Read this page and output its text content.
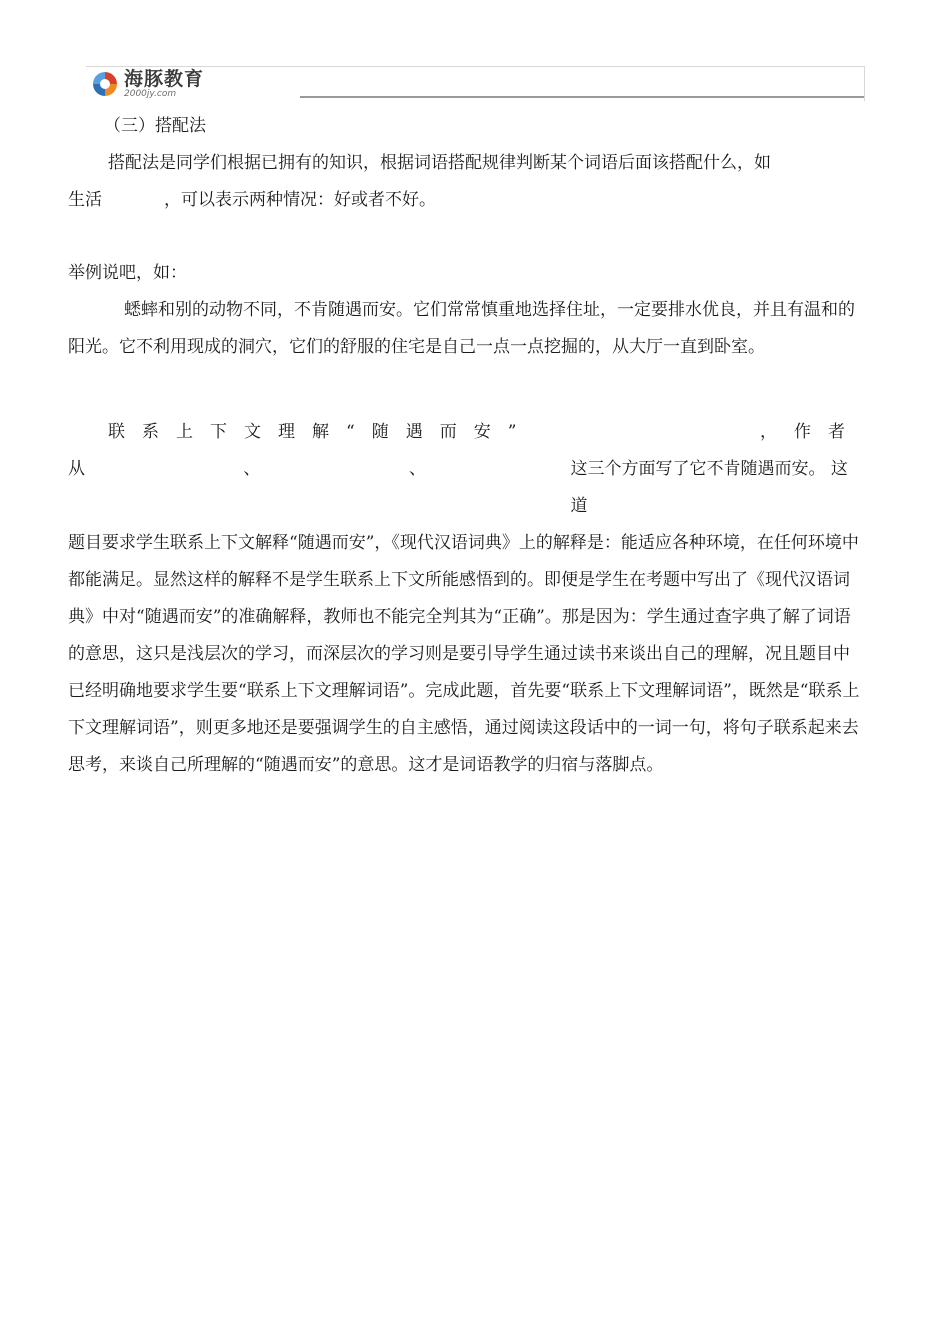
海豚教育
2000jy.com

（三）搭配法

搭配法是同学们根据已拥有的知识，根据词语搭配规律判断某个词语后面该搭配什么，如

生活	，可以表示两种情况：好或者不好。

举例说吧，如：

蟋蟀和别的动物不同，不肯随遇而安。它们常常慎重地选择住址，一定要排水优良，并且有温和的阳光。它不利用现成的洞穴，它们的舒服的住宅是自己一点一点挖掘的，从大厅一直到卧室。

联系上下文理解“随遇而安”	，作者
从	、	、	这三个方面写了它不肯随遇而安。 这道

题目要求学生联系上下文解释“随遇而安”，《现代汉语词典》上的解释是：能适应各种环境，在任何环境中都能满足。显然这样的解释不是学生联系上下文所能感悟到的。即便是学生在考题中写出了《现代汉语词典》中对“随遇而安”的准确解释，教师也不能完全判其为“正确”。那是因为：学生通过查字典了解了词语的意思，这只是浅层次的学习，而深层次的学习则是要引导学生通过读书来谈出自己的理解，况且题目中已经明确地要求学生要“联系上下文理解词语”。完成此题，首先要“联系上下文理解词语”，既然是“联系上下文理解词语”，则更多地还是要强调学生的自主感悟，通过阅读这段话中的一词一句，将句子联系起来去思考，来谈自己所理解的“随遇而安”的意思。这才是词语教学的归宿与落脚点。
